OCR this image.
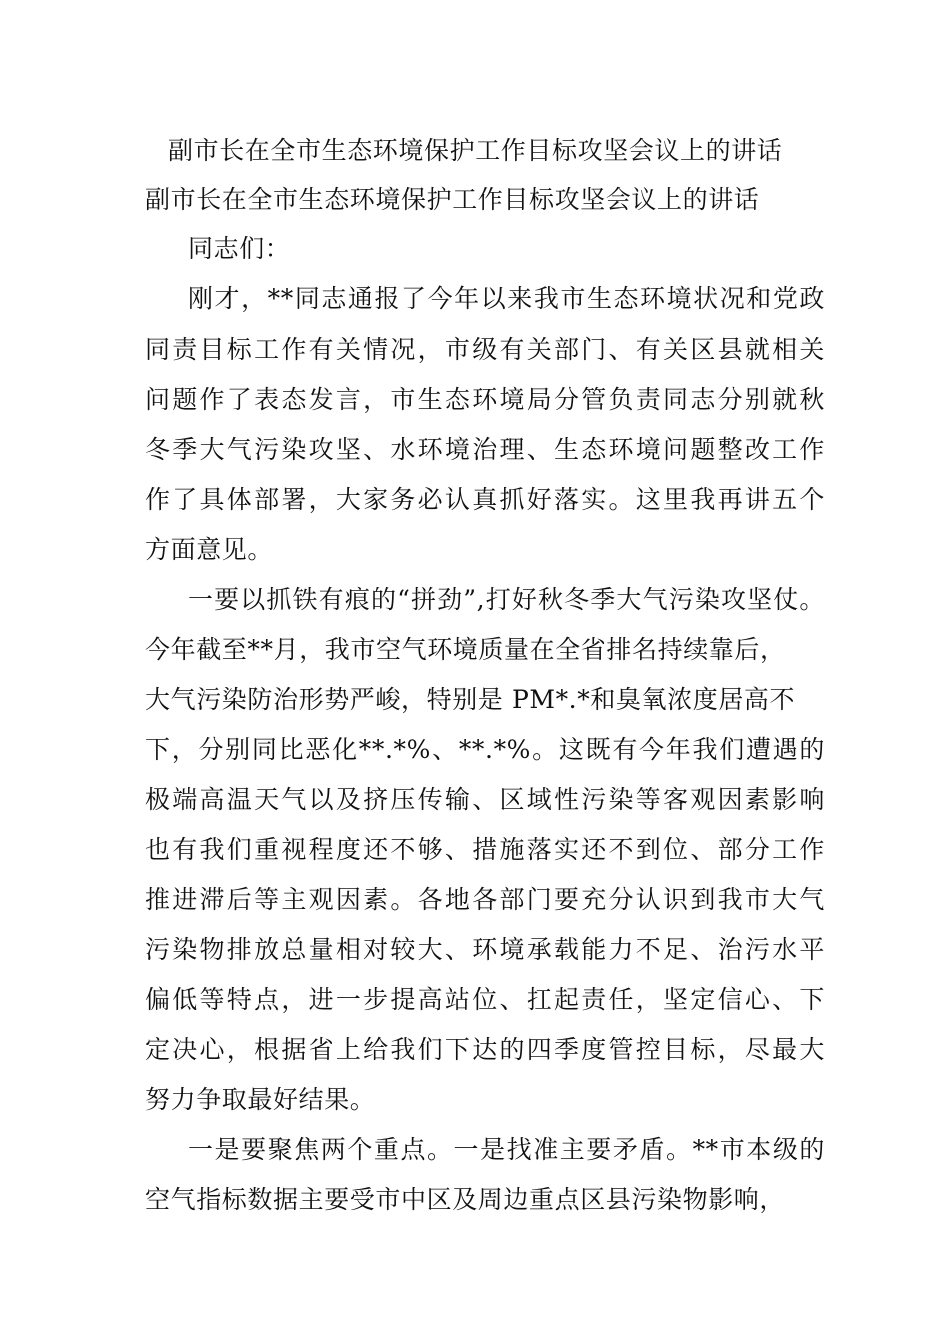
副市长在全市生态环境保护工作目标攻坚会议上的讲话
副市长在全市生态环境保护工作目标攻坚会议上的讲话
同志们：
刚才，**同志通报了今年以来我市生态环境状况和党政
同责目标工作有关情况，市级有关部门、有关区县就相关
问题作了表态发言，市生态环境局分管负责同志分别就秋
冬季大气污染攻坚、水环境治理、生态环境问题整改工作
作了具体部署，大家务必认真抓好落实。这里我再讲五个
方面意见。
一要以抓铁有痕的“拼劲”,打好秋冬季大气污染攻坚仗。
今年截至**月，我市空气环境质量在全省排名持续靠后，
大气污染防治形势严峻，特别是 PM*.*和臭氧浓度居高不
下，分别同比恶化**.*%、**.*%。这既有今年我们遭遇的
极端高温天气以及挤压传输、区域性污染等客观因素影响
也有我们重视程度还不够、措施落实还不到位、部分工作
推进滞后等主观因素。各地各部门要充分认识到我市大气
污染物排放总量相对较大、环境承载能力不足、治污水平
偏低等特点，进一步提高站位、扛起责任，坚定信心、下
定决心，根据省上给我们下达的四季度管控目标，尽最大
努力争取最好结果。
一是要聚焦两个重点。一是找准主要矛盾。**市本级的
空气指标数据主要受市中区及周边重点区县污染物影响，
